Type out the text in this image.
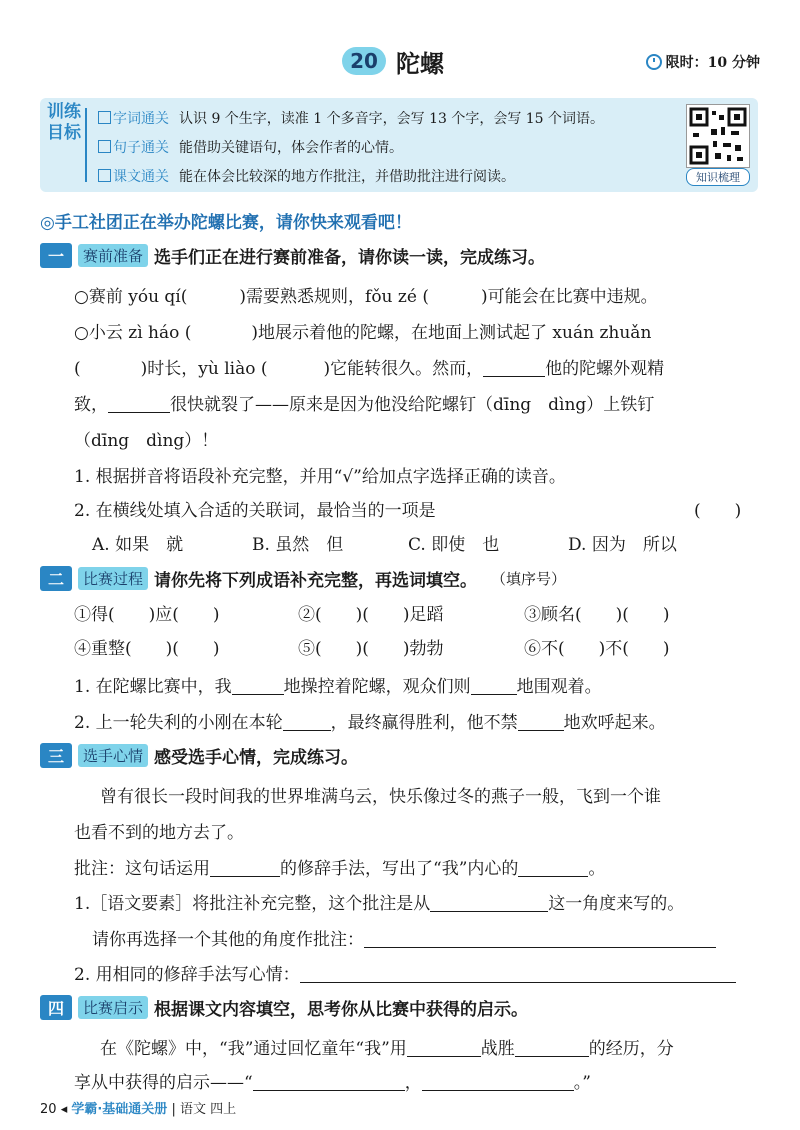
20 陀螺	限时：10 分钟
训练目标
字词通关 认识 9 个生字，读准 1 个多音字，会写 13 个字，会写 15 个词语。
句子通关 能借助关键语句，体会作者的心情。
课文通关 能在体会比较深的地方作批注，并借助批注进行阅读。	知识梳理
◎手工社团正在举办陀螺比赛，请你快来观看吧！
一	赛前准备 选手们正在进行赛前准备，请你读一读，完成练习。
○赛前 yóu qí(	)需要熟悉规则，fǒu zé (	)可能会在比赛中违规。
○小云 zì háo (	)地展示着他的陀螺，在地面上测试起了 xuán zhuǎn
(	)时长，yù liào (	)它能转很久。然而，	他的陀螺外观精
致，	很快就裂了——原来是因为他没给陀螺钉（dīng　dìng）上铁钉
（dīng　dìng）！
1. 根据拼音将语段补充完整，并用“√”给加点字选择正确的读音。
2. 在横线处填入合适的关联词，最恰当的一项是	(　　)
A. 如果　就	B. 虽然　但	C. 即使　也	D. 因为　所以
二	比赛过程 请你先将下列成语补充完整，再选词填空。 （填序号）
①得(　　)应(　　)	②(　　)(　　)足蹈	③顾名(　　)(　　)
④重整(　　)(　　)	⑤(　　)(　　)勃勃	⑥不(　　)不(　　)
1. 在陀螺比赛中，我	地操控着陀螺，观众们则	地围观着。
2. 上一轮失利的小刚在本轮	，最终赢得胜利，他不禁	地欢呼起来。
三	选手心情 感受选手心情，完成练习。
曾有很长一段时间我的世界堆满乌云，快乐像过冬的燕子一般，飞到一个谁
也看不到的地方去了。
批注：这句话运用	的修辞手法，写出了“我”内心的	。
1.［语文要素］将批注补充完整，这个批注是从	这一角度来写的。
请你再选择一个其他的角度作批注：
2. 用相同的修辞手法写心情：
四	比赛启示 根据课文内容填空，思考你从比赛中获得的启示。
在《陀螺》中，“我”通过回忆童年“我”用	战胜	的经历，分
享从中获得的启示——“	，	。”
20 ◂ 学霸·基础通关册 | 语文 四上
